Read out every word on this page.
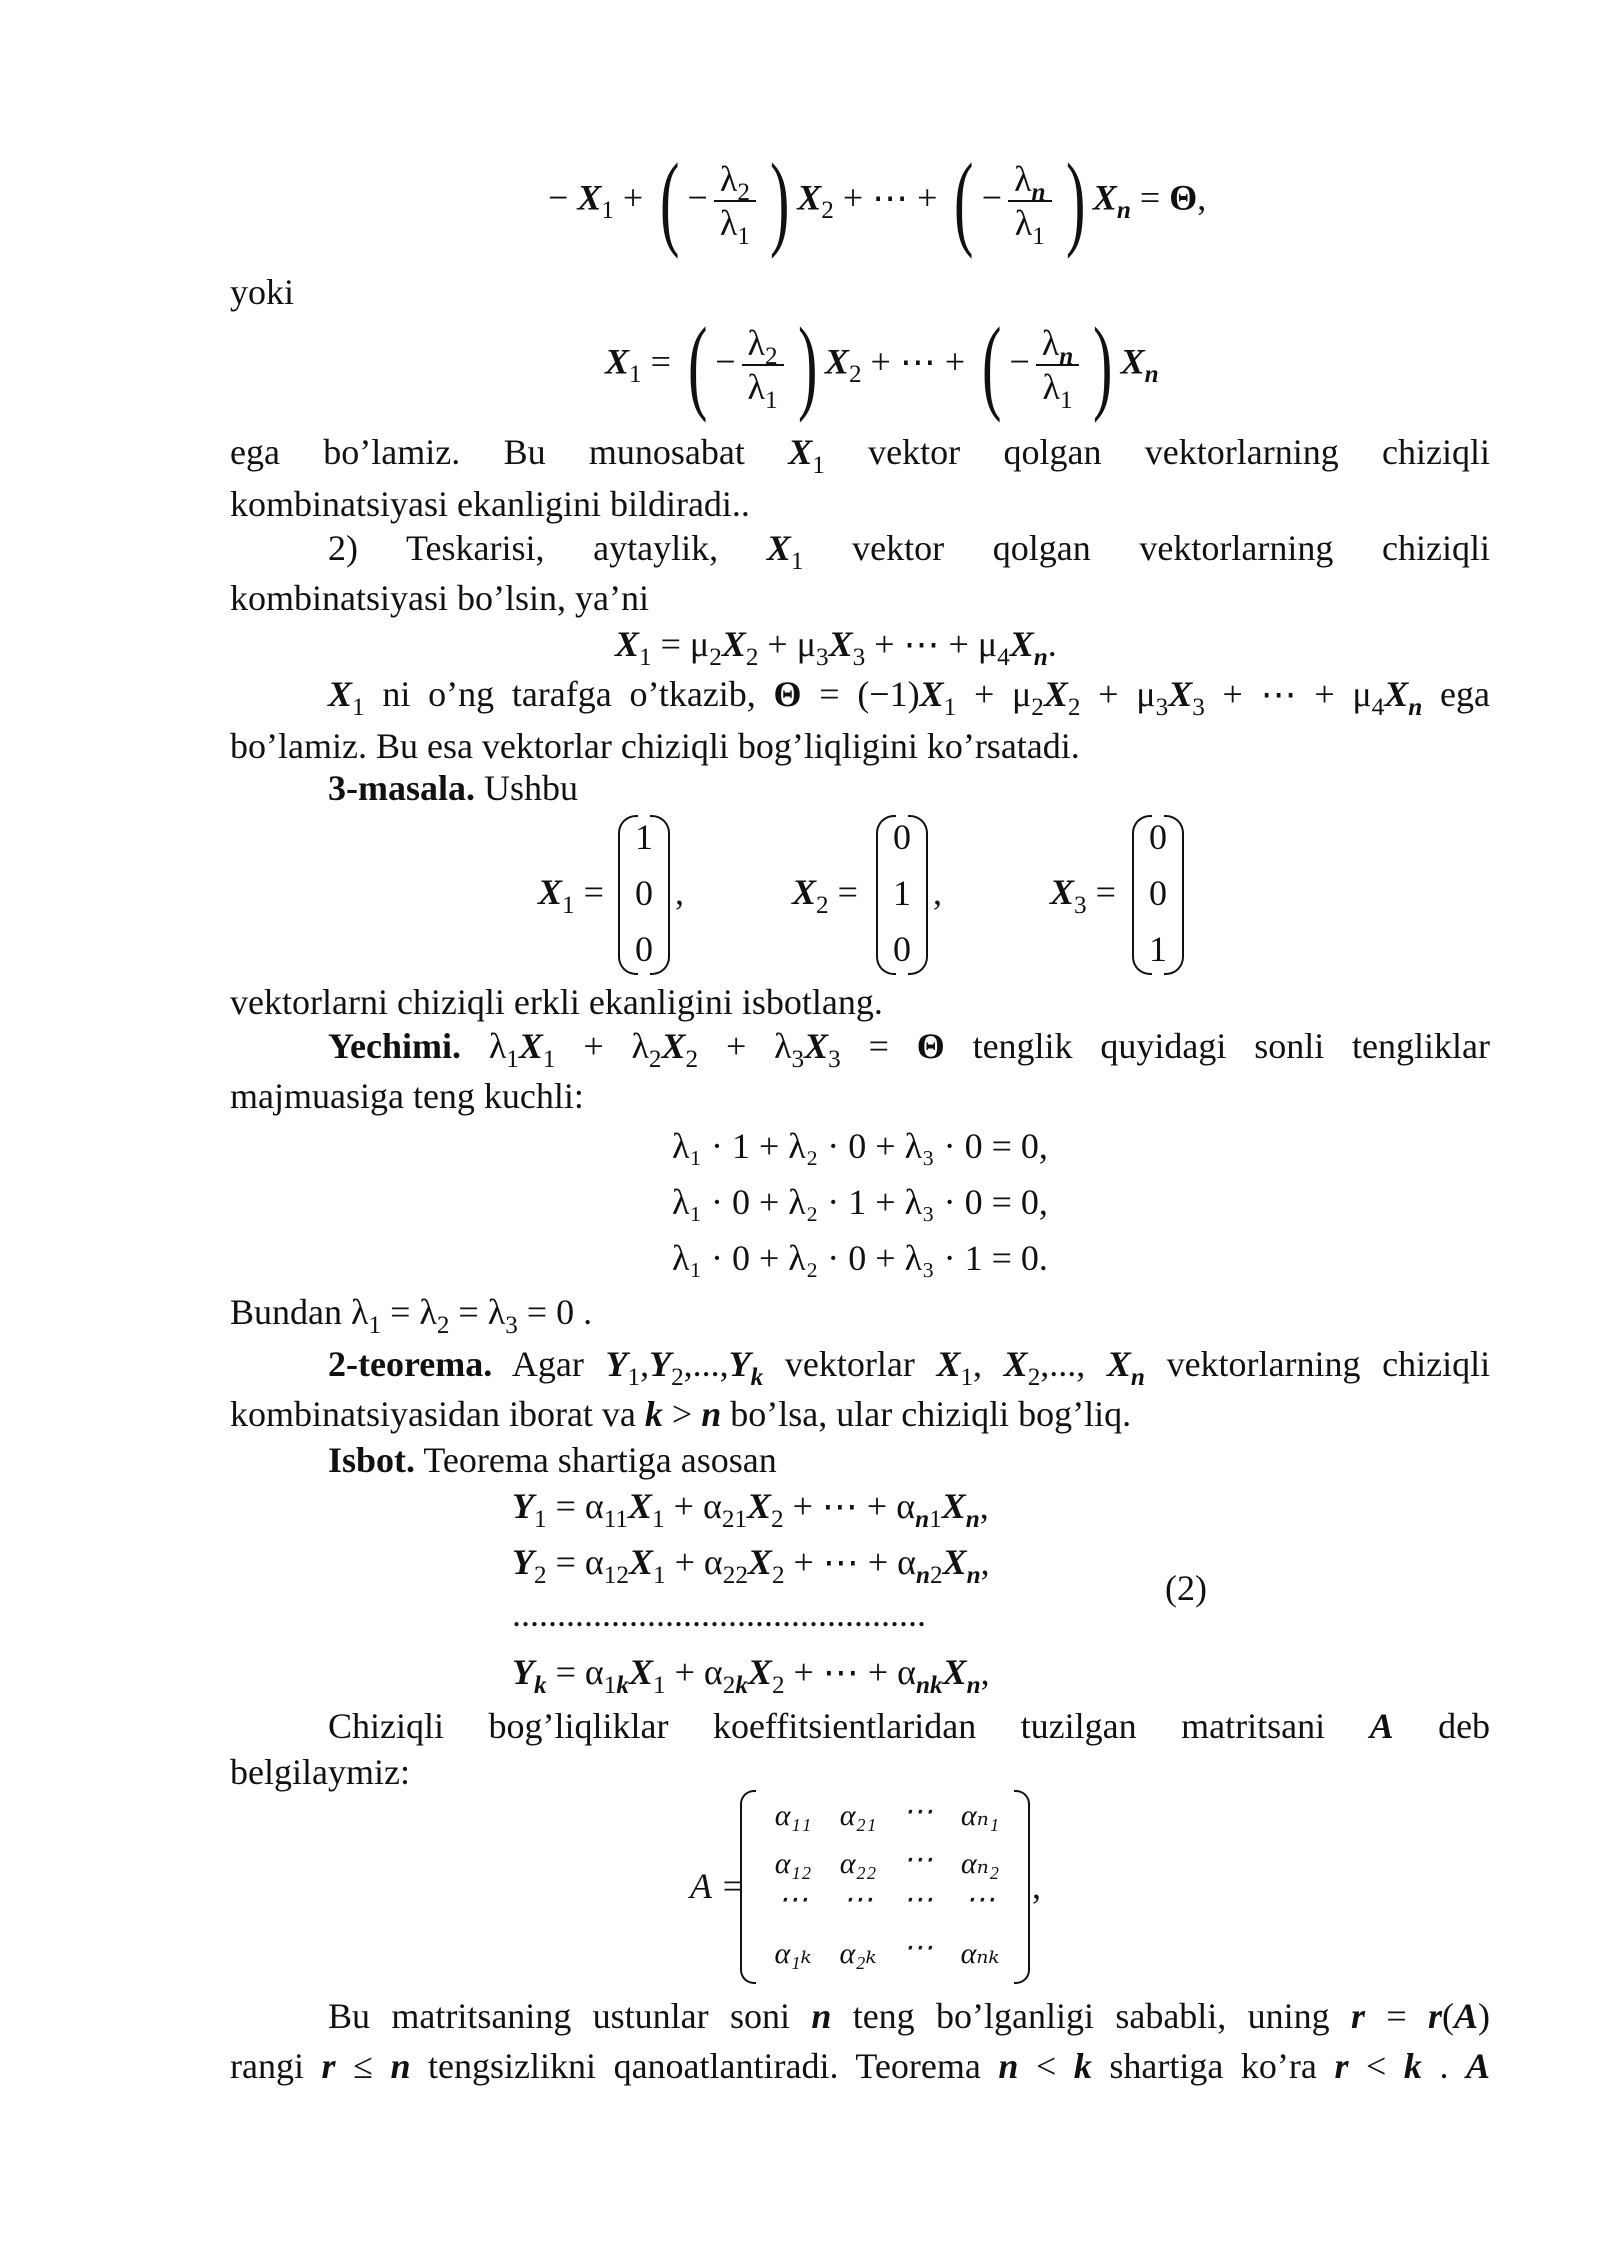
− $X_1$ + ( − $\frac{\lambda_2}{\lambda_1}$ ) $X_2$ + ⋯ + ( − $\frac{\lambda_n}{\lambda_1}$ ) $X_n = \Theta$,
yoki
$X_1$ = ( − $\frac{\lambda_2}{\lambda_1}$ ) $X_2$ + ⋯ + ( − $\frac{\lambda_n}{\lambda_1}$ ) $X_n$
ega bo’lamiz. Bu munosabat $X_1$ vektor qolgan vektorlarning chiziqli
kombinatsiyasi ekanligini bildiradi..
2) Teskarisi, aytaylik, $X_1$ vektor qolgan vektorlarning chiziqli
kombinatsiyasi bo’lsin, ya’ni
$X_1 = \mu_2X_2 + \mu_3X_3$ + ⋯ + $\mu_4X_n$.
$X_1$ ni o’ng tarafga o’tkazib, $\Theta = (-1)X_1 + \mu_2X_2 + \mu_3X_3$ + ⋯ + $\mu_4X_n$ ega
bo’lamiz. Bu esa vektorlar chiziqli bog’liqligini ko’rsatadi.
3-masala. Ushbu
$X_1$ =
1
0
0
,	$X_2$ =
0
1
0
,	$X_3$ =
0
0
1
vektorlarni chiziqli erkli ekanligini isbotlang.
Yechimi. $\lambda_1X_1 + \lambda_2X_2 + \lambda_3X_3 = \Theta$ tenglik quyidagi sonli tengliklar
majmuasiga teng kuchli:
λ₁ · 1 + λ₂ · 0 + λ₃ · 0 = 0,
λ₁ · 0 + λ₂ · 1 + λ₃ · 0 = 0,
λ₁ · 0 + λ₂ · 0 + λ₃ · 1 = 0.
Bundan $\lambda_1 = \lambda_2 = \lambda_3 = 0$ .
2-teorema. Agar $Y_1,Y_2,...,Y_k$ vektorlar $X_1$, $X_2$,..., $X_n$ vektorlarning chiziqli
kombinatsiyasidan iborat va k > n bo’lsa, ular chiziqli bog’liq.
Isbot. Teorema shartiga asosan
$Y_1 = \alpha_{11}X_1 + \alpha_{21}X_2$ + ⋯ + $\alpha_{n1}X_n$,
$Y_2 = \alpha_{12}X_1 + \alpha_{22}X_2$ + ⋯ + $\alpha_{n2}X_n$,
(2)
..............................................
$Y_k = \alpha_{1k}X_1 + \alpha_{2k}X_2$ + ⋯ + $\alpha_{nk}X_n$,
Chiziqli bog’liqliklar koeffitsientlaridan tuzilgan matritsani A deb
belgilaymiz:
A =
α₁₁ α₂₁ ⋯ αₙ₁
α₁₂ α₂₂ ⋯ αₙ₂
⋯	⋯	⋯	⋯
α₁ₖ α₂ₖ ⋯ αₙₖ
,
Bu matritsaning ustunlar soni n teng bo’lganligi sababli, uning r = r(A)
rangi r ≤ n tengsizlikni qanoatlantiradi. Teorema n < k shartiga ko’ra r < k . A
